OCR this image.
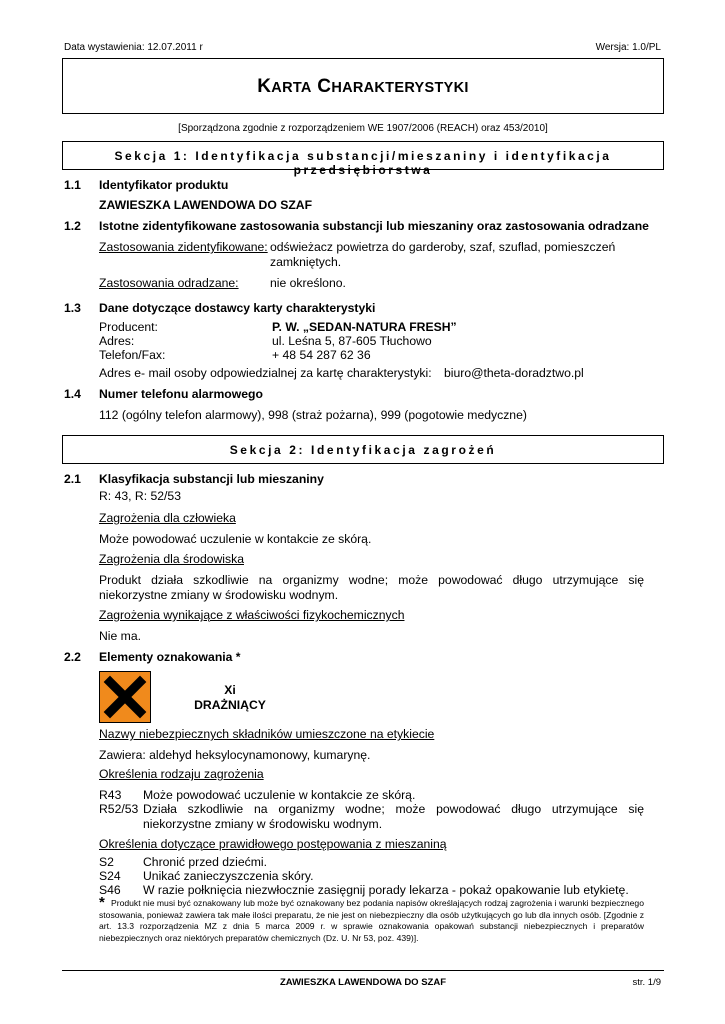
Data wystawienia: 12.07.2011 r	Wersja: 1.0/PL
KARTA CHARAKTERYSTYKI
[Sporządzona zgodnie z rozporządzeniem WE 1907/2006 (REACH) oraz 453/2010]
Sekcja 1: Identyfikacja substancji/mieszaniny i identyfikacja przedsiębiorstwa
1.1 Identyfikator produktu
ZAWIESZKA LAWENDOWA DO SZAF
1.2 Istotne zidentyfikowane zastosowania substancji lub mieszaniny oraz zastosowania odradzane
Zastosowania zidentyfikowane: odświeżacz powietrza do garderoby, szaf, szuflad, pomieszczeń zamkniętych.
Zastosowania odradzane:	nie określono.
1.3 Dane dotyczące dostawcy karty charakterystyki
Producent:	P. W. „SEDAN-NATURA FRESH”
Adres:	ul. Leśna 5, 87-605 Tłuchowo
Telefon/Fax:	+ 48 54 287 62 36
Adres e- mail osoby odpowiedzialnej za kartę charakterystyki: biuro@theta-doradztwo.pl
1.4 Numer telefonu alarmowego
112 (ogólny telefon alarmowy), 998 (straż pożarna), 999 (pogotowie medyczne)
Sekcja 2: Identyfikacja zagrożeń
2.1 Klasyfikacja substancji lub mieszaniny
R: 43, R: 52/53
Zagrożenia dla człowieka
Może powodować uczulenie w kontakcie ze skórą.
Zagrożenia dla środowiska
Produkt działa szkodliwie na organizmy wodne; może powodować długo utrzymujące się niekorzystne zmiany w środowisku wodnym.
Zagrożenia wynikające z właściwości fizykochemicznych
Nie ma.
2.2 Elementy oznakowania *
Xi
DRAŻNIĄCY
Nazwy niebezpiecznych składników umieszczone na etykiecie
Zawiera: aldehyd heksylocynamonowy, kumarynę.
Określenia rodzaju zagrożenia
R43 Może powodować uczulenie w kontakcie ze skórą.
R52/53 Działa szkodliwie na organizmy wodne; może powodować długo utrzymujące się niekorzystne zmiany w środowisku wodnym.
Określenia dotyczące prawidłowego postępowania z mieszaniną
S2 Chronić przed dziećmi.
S24 Unikać zanieczyszczenia skóry.
S46 W razie połknięcia niezwłocznie zasięgnij porady lekarza - pokaż opakowanie lub etykietę.
* Produkt nie musi być oznakowany lub może być oznakowany bez podania napisów określających rodzaj zagrożenia i warunki bezpiecznego stosowania, ponieważ zawiera tak małe ilości preparatu, że nie jest on niebezpieczny dla osób użytkujących go lub dla innych osób. [Zgodnie z art. 13.3 rozporządzenia MZ z dnia 5 marca 2009 r. w sprawie oznakowania opakowań substancji niebezpiecznych i preparatów niebezpiecznych oraz niektórych preparatów chemicznych (Dz. U. Nr 53, poz. 439)].
ZAWIESZKA LAWENDOWA DO SZAF	str. 1/9
